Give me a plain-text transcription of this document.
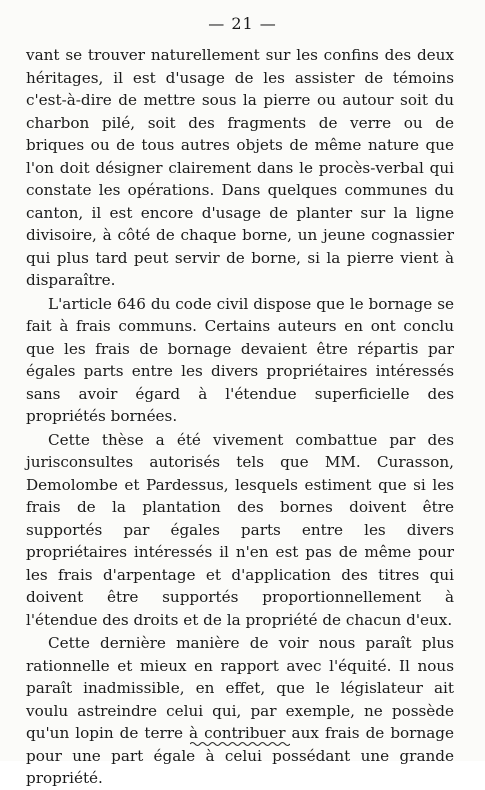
— 21 —

vant se trouver naturellement sur les confins des deux héritages, il est d'usage de les assister de témoins c'est-à-dire de mettre sous la pierre ou autour soit du charbon pilé, soit des fragments de verre ou de briques ou de tous autres objets de même nature que l'on doit désigner clairement dans le procès-verbal qui constate les opérations. Dans quelques communes du canton, il est encore d'usage de planter sur la ligne divisoire, à côté de chaque borne, un jeune cognassier qui plus tard peut servir de borne, si la pierre vient à disparaître.

L'article 646 du code civil dispose que le bornage se fait à frais communs. Certains auteurs en ont conclu que les frais de bornage devaient être répartis par égales parts entre les divers propriétaires intéressés sans avoir égard à l'étendue superficielle des propriétés bornées.

Cette thèse a été vivement combattue par des jurisconsultes autorisés tels que MM. Curasson, Demolombe et Pardessus, lesquels estiment que si les frais de la plantation des bornes doivent être supportés par égales parts entre les divers propriétaires intéressés il n'en est pas de même pour les frais d'arpentage et d'application des titres qui doivent être supportés proportionnellement à l'étendue des droits et de la propriété de chacun d'eux.

Cette dernière manière de voir nous paraît plus rationnelle et mieux en rapport avec l'équité. Il nous paraît inadmissible, en effet, que le législateur ait voulu astreindre celui qui, par exemple, ne possède qu'un lopin de terre à contribuer aux frais de bornage pour une part égale à celui possédant une grande propriété.
